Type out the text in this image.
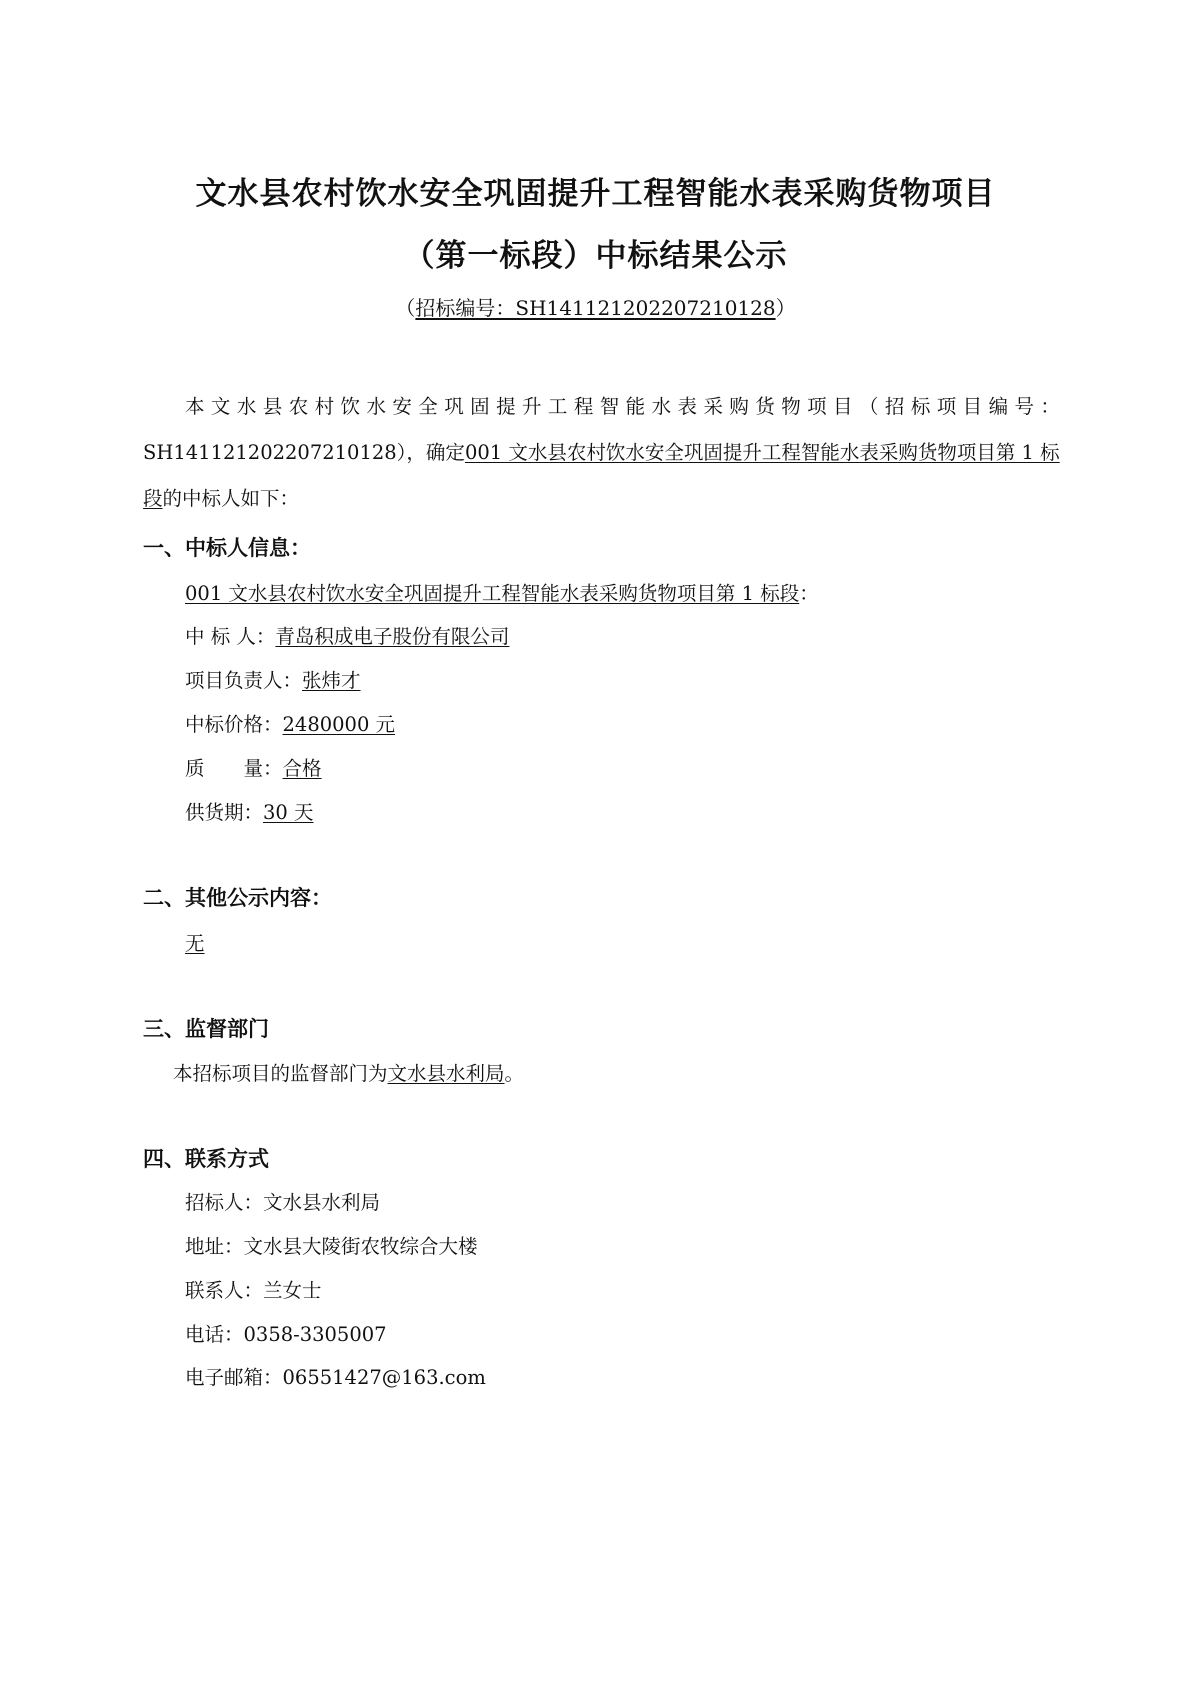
文水县农村饮水安全巩固提升工程智能水表采购货物项目
（第一标段）中标结果公示
（招标编号：SH141121202207210128）
本 文 水 县 农 村 饮 水 安 全 巩 固 提 升 工 程 智 能 水 表 采 购 货 物 项 目 （ 招 标 项 目 编 号 ：
SH141121202207210128），确定001 文水县农村饮水安全巩固提升工程智能水表采购货物项目第 1 标
段的中标人如下：
一、中标人信息：
001 文水县农村饮水安全巩固提升工程智能水表采购货物项目第 1 标段：
中 标 人：青岛积成电子股份有限公司
项目负责人：张炜才
中标价格：2480000 元
质　　量：合格
供货期：30 天
二、其他公示内容：
无
三、监督部门
本招标项目的监督部门为文水县水利局。
四、联系方式
招标人：文水县水利局
地址：文水县大陵街农牧综合大楼
联系人：兰女士
电话：0358-3305007
电子邮箱：06551427@163.com
